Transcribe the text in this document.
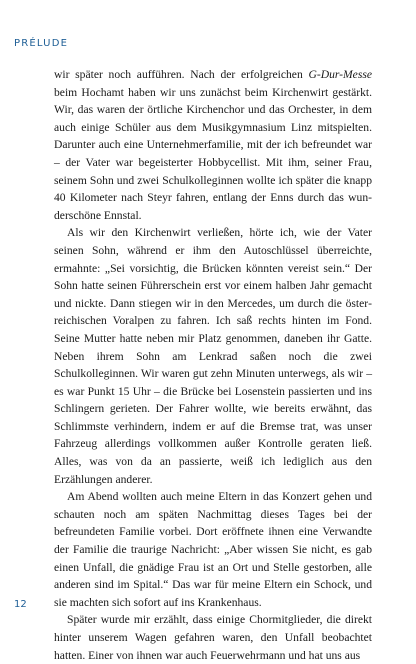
PRÉLUDE

wir später noch aufführen. Nach der erfolgreichen G-Dur-Messe beim Hochamt haben wir uns zunächst beim Kirchenwirt gestärkt. Wir, das waren der örtliche Kirchenchor und das Orchester, in dem auch einige Schüler aus dem Musikgymnasium Linz mitspielten. Darunter auch eine Unternehmerfamilie, mit der ich befreundet war – der Vater war begeisterter Hobbycellist. Mit ihm, seiner Frau, seinem Sohn und zwei Schulkolleginnen wollte ich später die knapp 40 Kilometer nach Steyr fahren, entlang der Enns durch das wunderschöne Ennstal.

Als wir den Kirchenwirt verließen, hörte ich, wie der Vater seinen Sohn, während er ihm den Autoschlüssel überreichte, ermahnte: „Sei vorsichtig, die Brücken könnten vereist sein.“ Der Sohn hatte seinen Führerschein erst vor einem halben Jahr gemacht und nickte. Dann stiegen wir in den Mercedes, um durch die österreichischen Voralpen zu fahren. Ich saß rechts hinten im Fond. Seine Mutter hatte neben mir Platz genommen, daneben ihr Gatte. Neben ihrem Sohn am Lenkrad saßen noch die zwei Schulkolleginnen. Wir waren gut zehn Minuten unterwegs, als wir – es war Punkt 15 Uhr – die Brücke bei Losenstein passierten und ins Schlingern gerieten. Der Fahrer wollte, wie bereits erwähnt, das Schlimmste verhindern, indem er auf die Bremse trat, was unser Fahrzeug allerdings vollkommen außer Kontrolle geraten ließ. Alles, was von da an passierte, weiß ich lediglich aus den Erzählungen anderer.

Am Abend wollten auch meine Eltern in das Konzert gehen und schauten noch am späten Nachmittag dieses Tages bei der befreundeten Familie vorbei. Dort eröffnete ihnen eine Verwandte der Familie die traurige Nachricht: „Aber wissen Sie nicht, es gab einen Unfall, die gnädige Frau ist an Ort und Stelle gestorben, alle anderen sind im Spital.“ Das war für meine Eltern ein Schock, und sie machten sich sofort auf ins Krankenhaus.

Später wurde mir erzählt, dass einige Chormitglieder, die direkt hinter unserem Wagen gefahren waren, den Unfall beobachtet hatten. Einer von ihnen war auch Feuerwehrmann und hat uns aus

12
